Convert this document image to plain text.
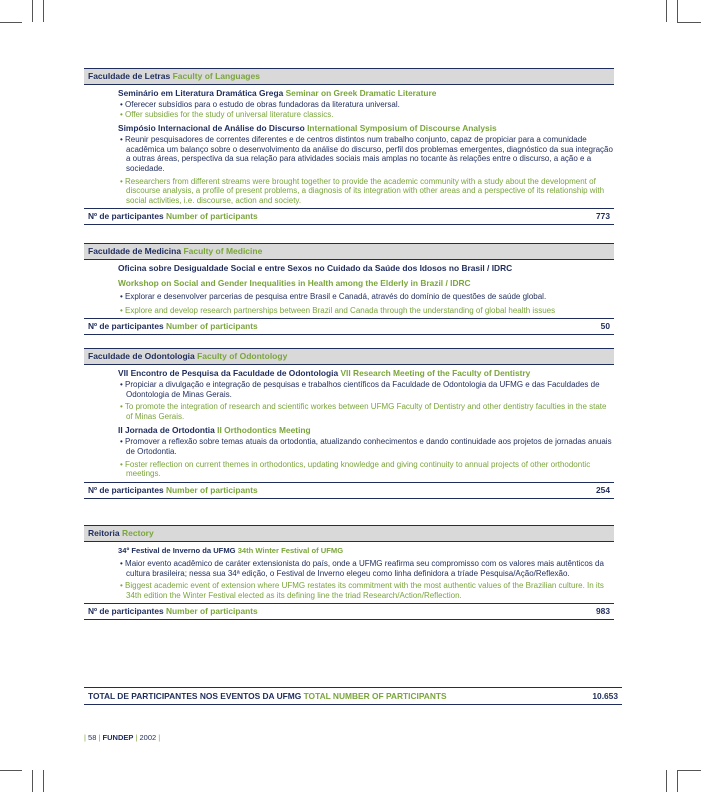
Faculdade de Letras Faculty of Languages
Seminário em Literatura Dramática Grega Seminar on Greek Dramatic Literature
• Oferecer subsídios para o estudo de obras fundadoras da literatura universal.
• Offer subsidies for the study of universal literature classics.
Simpósio Internacional de Análise do Discurso International Symposium of Discourse Analysis
• Reunir pesquisadores de correntes diferentes e de centros distintos num trabalho conjunto, capaz de propiciar para a comunidade acadêmica um balanço sobre o desenvolvimento da análise do discurso, perfil dos problemas emergentes, diagnóstico da sua integração a outras áreas, perspectiva da sua relação para atividades sociais mais amplas no tocante às relações entre o discurso, a ação e a sociedade.
• Researchers from different streams were brought together to provide the academic community with a study about the development of discourse analysis, a profile of present problems, a diagnosis of its integration with other areas and a perspective of its relationship with social activities, i.e. discourse, action and society.
Nº de participantes Number of participants	773
Faculdade de Medicina Faculty of Medicine
Oficina sobre Desigualdade Social e entre Sexos no Cuidado da Saúde dos Idosos no Brasil / IDRC
Workshop on Social and Gender Inequalities in Health among the Elderly in Brazil / IDRC
• Explorar e desenvolver parcerias de pesquisa entre Brasil e Canadá, através do domínio de questões de saúde global.
• Explore and develop research partnerships between Brazil and Canada through the understanding of global health issues
Nº de participantes Number of participants	50
Faculdade de Odontologia Faculty of Odontology
VII Encontro de Pesquisa da Faculdade de Odontologia VII Research Meeting of the Faculty of Dentistry
• Propiciar a divulgação e integração de pesquisas e trabalhos científicos da Faculdade de Odontologia da UFMG e das Faculdades de Odontologia de Minas Gerais.
• To promote the integration of research and scientific workes between UFMG Faculty of Dentistry and other dentistry faculties in the state of Minas Gerais.
II Jornada de Ortodontia II Orthodontics Meeting
• Promover a reflexão sobre temas atuais da ortodontia, atualizando conhecimentos e dando continuidade aos projetos de jornadas anuais de Ortodontia.
• Foster reflection on current themes in orthodontics, updating knowledge and giving continuity to annual projects of other orthodontic meetings.
Nº de participantes Number of participants	254
Reitoria Rectory
34º Festival de Inverno da UFMG 34th Winter Festival of UFMG
• Maior evento acadêmico de caráter extensionista do país, onde a UFMG reafirma seu compromisso com os valores mais autênticos da cultura brasileira; nessa sua 34ª edição, o Festival de Inverno elegeu como linha definidora a tríade Pesquisa/Ação/Reflexão.
• Biggest academic event of extension where UFMG restates its commitment with the most authentic values of the Brazilian culture. In its 34th edition the Winter Festival elected as its defining line the triad Research/Action/Reflection.
Nº de participantes Number of participants	983
TOTAL DE PARTICIPANTES NOS EVENTOS DA UFMG TOTAL NUMBER OF PARTICIPANTS	10.653
| 58 | FUNDEP | 2002 |
